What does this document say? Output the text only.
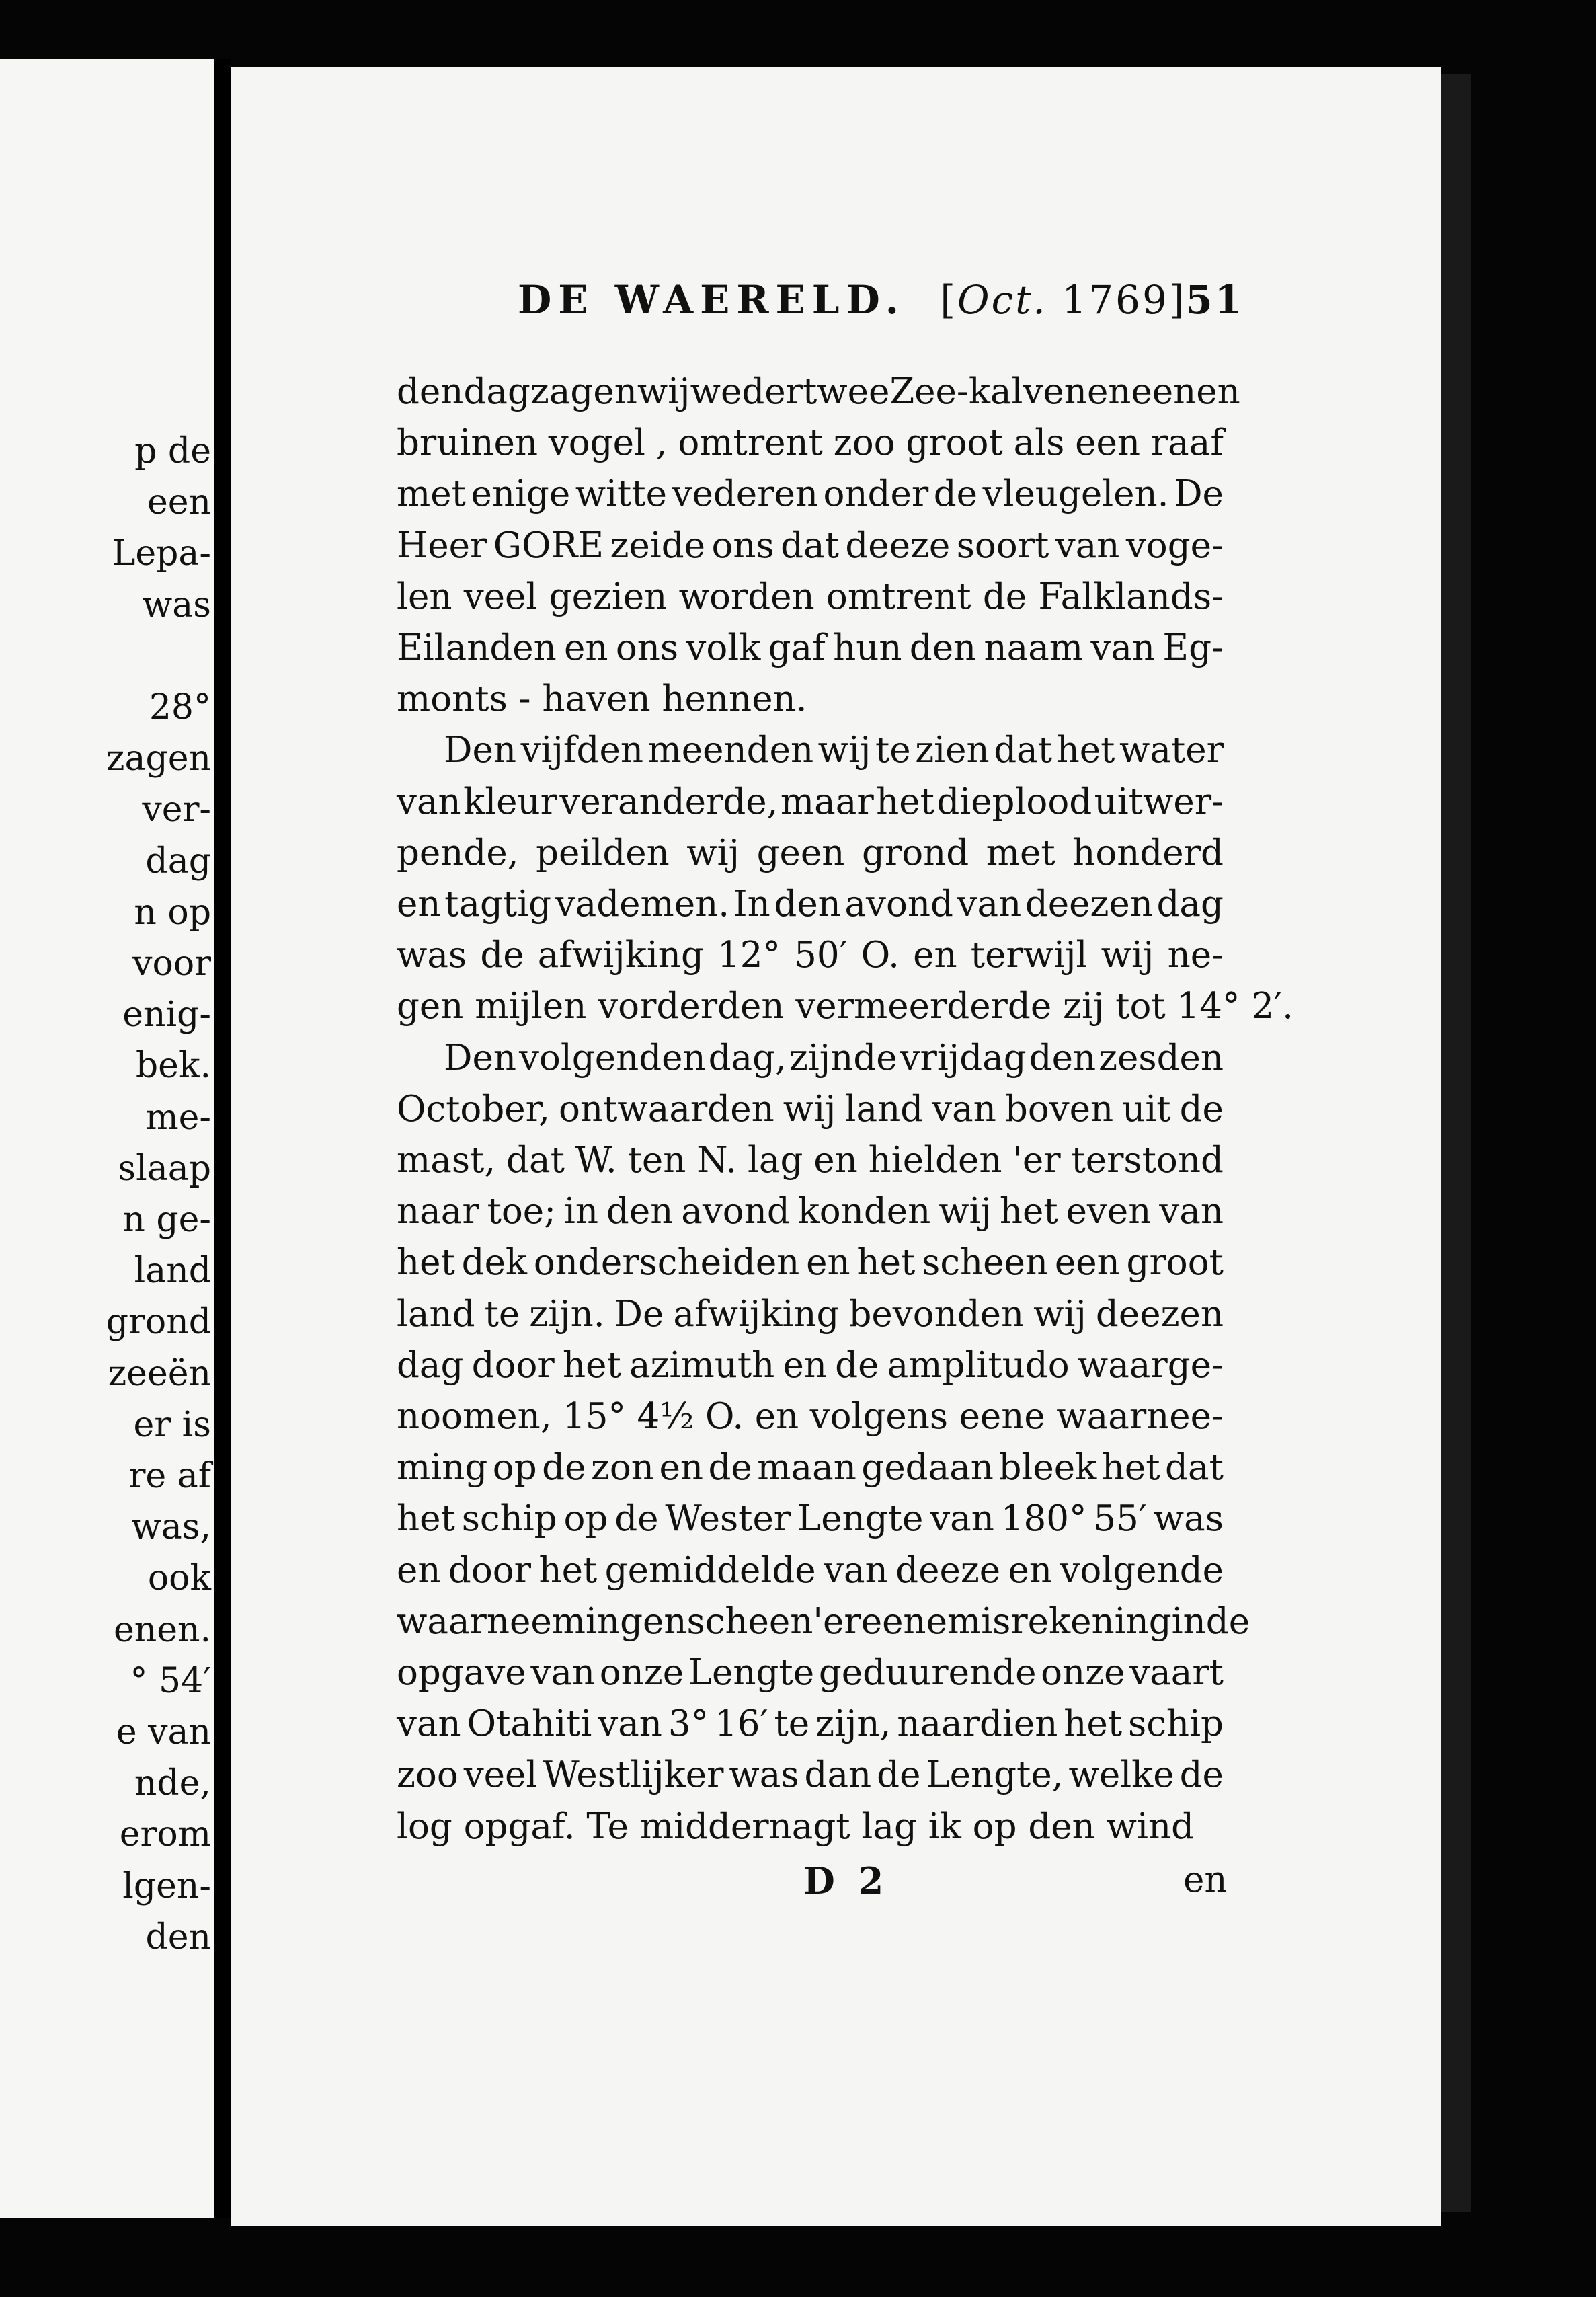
p de
een
Lepa-
was

28°
zagen
ver-
dag
n op
voor
enig-
bek.
me-
slaap
n ge-
land
grond
zeeën
er is
re af
was,
ook
enen.
° 54′
e van
nde,
erom
lgen-
den
DE WAERELD. [Oct. 1769]
51
den dag zagen wij weder twee Zee-kalven en eenen
bruinen vogel , omtrent zoo groot als een raaf
met enige witte vederen onder de vleugelen. De
Heer GORE zeide ons dat deeze soort van voge-
len veel gezien worden omtrent de Falklands-
Eilanden en ons volk gaf hun den naam van Eg-
monts - haven hennen.
Den vijfden meenden wij te zien dat het water
van kleur veranderde, maar het dieplood uitwer-
pende, peilden wij geen grond met honderd
en tagtig vademen. In den avond van deezen dag
was de afwijking 12° 50′ O. en terwijl wij ne-
gen mijlen vorderden vermeerderde zij tot 14° 2′.
Den volgenden dag, zijnde vrijdag den zesden
October, ontwaarden wij land van boven uit de
mast, dat W. ten N. lag en hielden 'er terstond
naar toe; in den avond konden wij het even van
het dek onderscheiden en het scheen een groot
land te zijn. De afwijking bevonden wij deezen
dag door het azimuth en de amplitudo waarge-
noomen, 15° 4½ O. en volgens eene waarnee-
ming op de zon en de maan gedaan bleek het dat
het schip op de Wester Lengte van 180° 55′ was
en door het gemiddelde van deeze en volgende
waarneemingen scheen 'er eene misrekening in de
opgave van onze Lengte geduurende onze vaart
van Otahiti van 3° 16′ te zijn, naardien het schip
zoo veel Westlijker was dan de Lengte, welke de
log opgaf. Te middernagt lag ik op den wind
D 2	en
